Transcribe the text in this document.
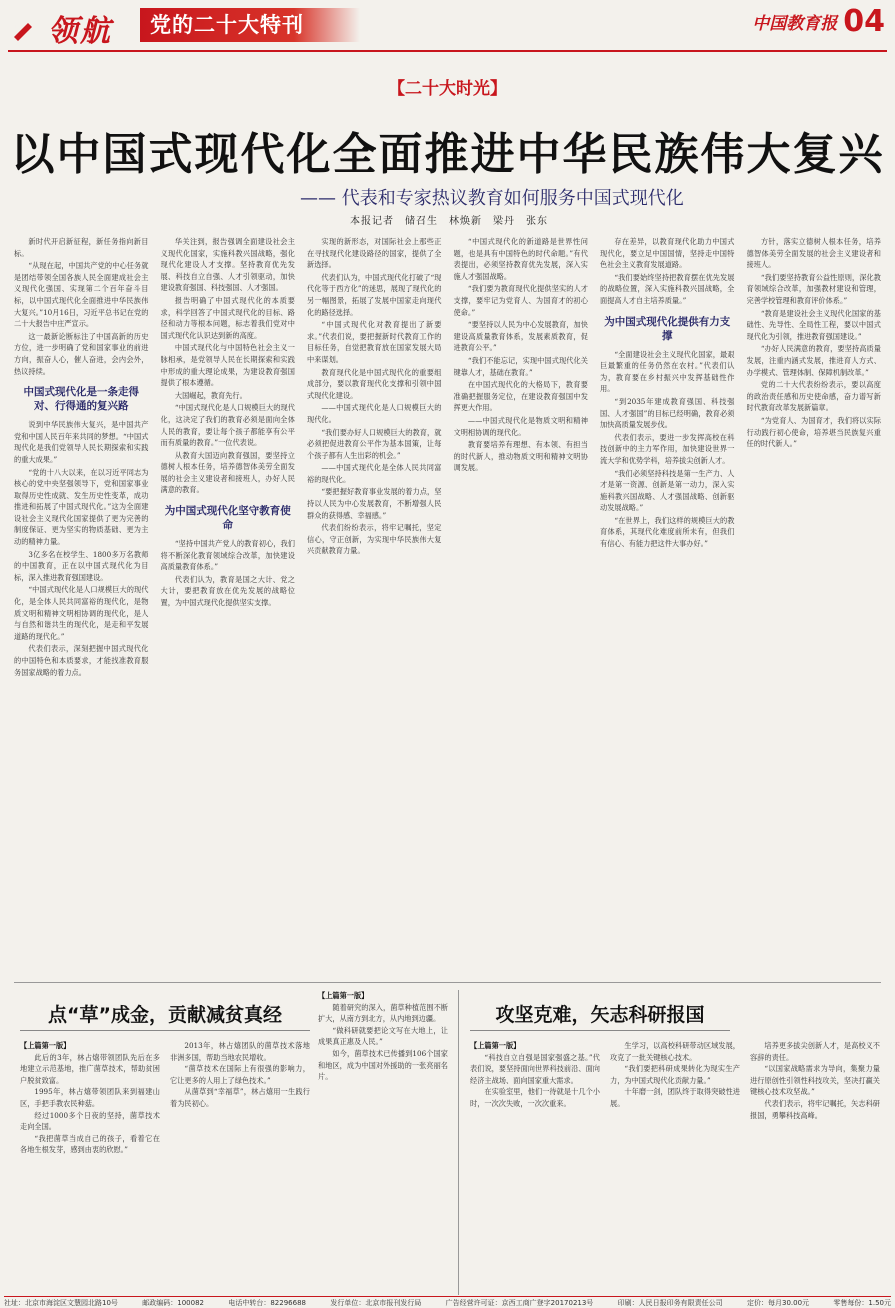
领航	党的二十大特刊	中国教育报 04
【二十大时光】
以中国式现代化全面推进中华民族伟大复兴
—— 代表和专家热议教育如何服务中国式现代化
本报记者　储召生　林焕新　梁丹　张东

新时代开启新征程，新任务指向新目标。

“从现在起，中国共产党的中心任务就是团结带领全国各族人民全面建成社会主义现代化强国、实现第二个百年奋斗目标，以中国式现代化全面推进中华民族伟大复兴。”10月16日，习近平总书记在党的二十大报告中庄严宣示。

这一最新论断标注了中国高新的历史方位，进一步明确了党和国家事业的前进方向，振奋人心，催人奋进，会内会外，热议持续。

中国式现代化是一条走得对、行得通的复兴路

说到中华民族伟大复兴，是中国共产党和中国人民百年来共同的梦想。“中国式现代化是我们党领导人民长期探索和实践的重大成果。”

“党的十八大以来，在以习近平同志为核心的党中央坚强领导下，党和国家事业取得历史性成就、发生历史性变革，成功推进和拓展了中国式现代化。”这为全面建设社会主义现代化国家提供了更为完善的制度保证、更为坚实的物质基础、更为主动的精神力量。

3亿多名在校学生、1800多万名教师的中国教育，正在以中国式现代化为目标，深入推进教育强国建设。

“中国式现代化是人口规模巨大的现代化，是全体人民共同富裕的现代化，是物质文明和精神文明相协调的现代化，是人与自然和谐共生的现代化，是走和平发展道路的现代化。”

代表们表示，深刻把握中国式现代化的中国特色和本质要求，才能找准教育服务国家战略的着力点。

华关注到，报告强调全面建设社会主义现代化国家，实施科教兴国战略，强化现代化建设人才支撑。坚持教育优先发展、科技自立自强、人才引领驱动，加快建设教育强国、科技强国、人才强国。

报告明确了中国式现代化的本质要求，科学回答了中国式现代化的目标、路径和动力等根本问题，标志着我们党对中国式现代化认识达到新的高度。

中国式现代化与中国特色社会主义一脉相承，是党领导人民在长期探索和实践中形成的重大理论成果，为建设教育强国提供了根本遵循。

大国崛起，教育先行。

“中国式现代化是人口规模巨大的现代化，这决定了我们的教育必须是面向全体人民的教育，要让每个孩子都能享有公平而有质量的教育。”一位代表说。

从教育大国迈向教育强国，要坚持立德树人根本任务，培养德智体美劳全面发展的社会主义建设者和接班人，办好人民满意的教育。

为中国式现代化坚守教育使命

“坚持中国共产党人的教育初心，我们将不断深化教育领域综合改革，加快建设高质量教育体系。”

代表们认为，教育是国之大计、党之大计，要把教育放在优先发展的战略位置，为中国式现代化提供坚实支撑。

实现的新形态，对国际社会上那些正在寻找现代化建设路径的国家，提供了全新选择。

代表们认为，中国式现代化打破了“现代化等于西方化”的迷思，展现了现代化的另一幅图景，拓展了发展中国家走向现代化的路径选择。

“中国式现代化对教育提出了新要求。”代表们说，要把握新时代教育工作的目标任务，自觉把教育放在国家发展大局中来谋划。

教育现代化是中国式现代化的重要组成部分，要以教育现代化支撑和引领中国式现代化建设。

——中国式现代化是人口规模巨大的现代化。

“我们要办好人口规模巨大的教育，就必须把促进教育公平作为基本国策，让每个孩子都有人生出彩的机会。”

——中国式现代化是全体人民共同富裕的现代化。

“要把握好教育事业发展的着力点，坚持以人民为中心发展教育，不断增强人民群众的获得感、幸福感。”

代表们纷纷表示，将牢记嘱托，坚定信心，守正创新，为实现中华民族伟大复兴贡献教育力量。

“中国式现代化的新道路是世界性问题，也是具有中国特色的时代命题。”有代表提出，必须坚持教育优先发展，深入实施人才强国战略。

“我们要为教育现代化提供坚实的人才支撑，要牢记为党育人、为国育才的初心使命。”

“要坚持以人民为中心发展教育，加快建设高质量教育体系，发展素质教育，促进教育公平。”

“我们不能忘记，实现中国式现代化关键靠人才，基础在教育。”

在中国式现代化的大格局下，教育要准确把握服务定位，在建设教育强国中发挥更大作用。

——中国式现代化是物质文明和精神文明相协调的现代化。

教育要培养有理想、有本领、有担当的时代新人，推动物质文明和精神文明协调发展。

存在差异，以教育现代化助力中国式现代化，要立足中国国情，坚持走中国特色社会主义教育发展道路。

“我们要始终坚持把教育摆在优先发展的战略位置，深入实施科教兴国战略，全面提高人才自主培养质量。”

为中国式现代化提供有力支撑

“全面建设社会主义现代化国家，最艰巨最繁重的任务仍然在农村。”代表们认为，教育要在乡村振兴中发挥基础性作用。

“到2035年建成教育强国、科技强国、人才强国”的目标已经明确，教育必须加快高质量发展步伐。

代表们表示，要进一步发挥高校在科技创新中的主力军作用，加快建设世界一流大学和优势学科，培养拔尖创新人才。

“我们必须坚持科技是第一生产力、人才是第一资源、创新是第一动力，深入实施科教兴国战略、人才强国战略、创新驱动发展战略。”

“在世界上，我们这样的规模巨大的教育体系，其现代化难度前所未有，但我们有信心、有能力把这件大事办好。”

方针，落实立德树人根本任务，培养德智体美劳全面发展的社会主义建设者和接班人。

“我们要坚持教育公益性原则，深化教育领域综合改革，加强教材建设和管理，完善学校管理和教育评价体系。”

“教育是建设社会主义现代化国家的基础性、先导性、全局性工程，要以中国式现代化为引领，推进教育强国建设。”

“办好人民满意的教育，要坚持高质量发展，注重内涵式发展，推进育人方式、办学模式、管理体制、保障机制改革。”

党的二十大代表纷纷表示，要以高度的政治责任感和历史使命感，奋力谱写新时代教育改革发展新篇章。

“为党育人、为国育才，我们将以实际行动践行初心使命，培养堪当民族复兴重任的时代新人。”

点“草”成金，贡献减贫真经
【上篇第一版】

此后的3年，林占熺带领团队先后在多地建立示范基地，推广菌草技术，帮助贫困户脱贫致富。

1995年，林占熺带领团队来到福建山区，手把手教农民种菇。

经过1000多个日夜的坚持，菌草技术走向全国。

“我把菌草当成自己的孩子，看着它在各地生根发芽，感到由衷的欣慰。”

2013年，林占熺团队的菌草技术落地非洲多国，帮助当地农民增收。

“菌草技术在国际上有很强的影响力，它让更多的人用上了绿色技术。”

从菌草到“幸福草”，林占熺用一生践行着为民初心。

【上篇第一版】

随着研究的深入，菌草种植范围不断扩大，从南方到北方，从内地到边疆。

“做科研就要把论文写在大地上，让成果真正惠及人民。”

如今，菌草技术已传播到106个国家和地区，成为中国对外援助的一张亮丽名片。

攻坚克难，矢志科研报国
【上篇第一版】

“科技自立自强是国家强盛之基。”代表们说，要坚持面向世界科技前沿、面向经济主战场、面向国家重大需求。

在实验室里，他们一待就是十几个小时，一次次失败，一次次重来。

生学习，以高校科研带动区域发展，攻克了一批关键核心技术。

“我们要把科研成果转化为现实生产力，为中国式现代化贡献力量。”

十年磨一剑，团队终于取得突破性进展。

培养更多拔尖创新人才，是高校义不容辞的责任。

“以国家战略需求为导向，集聚力量进行原创性引领性科技攻关，坚决打赢关键核心技术攻坚战。”

代表们表示，将牢记嘱托，矢志科研报国，勇攀科技高峰。

社址：北京市海淀区文慧园北路10号	邮政编码：100082	电话中转台：82296688	发行单位：北京市报刊发行局	广告经营许可证：京西工商广登字20170213号	印刷：人民日报印务有限责任公司	定价：每月30.00元	零售每份：1.50元
